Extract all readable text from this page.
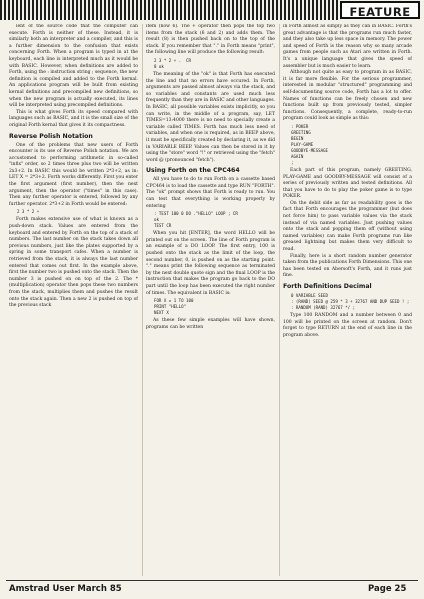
FEATURE

lent of the source code that the computer can execute. Forth is neither of these. Instead, it is similarly both an interpreter and a compiler, and this is a further dimension to the confusion that exists concerning Forth. When a program is typed in at the keyboard, each line is interpreted much as it would be with BASIC. However, when definitions are added to Forth, using the : instruction string ; sequence, the new definition is compiled and added to the Forth kernal. An applications program will be built from existing kernal definitions and precompiled new definitions, so when the new program is actually executed, its lines will be interpreted using precompiled definitions.

This is what gives Forth its speed compared with languages such as BASIC, and it is the small size of the original Forth kernal that gives it its compactness.

Reverse Polish Notation

One of the problems that new users of Forth encounter is its use of Reverse Polish notation. We are accustomed to performing arithmetic in so-called "infix" order, so 2 times three plus two will be written 2x3+2. In BASIC this would be written 2*3+2, as in: LET X = 2*3+2. Forth works differently. First you enter the first argument (first number), then the next argument, then the operator ("times" in this case). Then any further operator is entered, followed by any further operator. 2*3+2 in Forth would be entered:

2 3 * 2 +

Forth makes extensive use of what is known as a push-down stack. Values are entered from the keyboard and entered by Forth on the top of a stack of numbers. The last number on the stack takes down all previous numbers, just like the plates supported by a spring in some transport cafes. When a number is retrieved from the stack, it is always the last number entered that comes out first. In the example above, first the number two is pushed onto the stack. Then the number 3 is pushed on on top of the 2. The * (multiplication) operator then pops these two numbers from the stack, multiplies them and pushes the result onto the stack again. Then a new 2 is pushed on top of the previous stack

item (now 6). The + operator then pops the top two items from the stack (6 and 2) and adds them. The result (8) is then pushed back on to the top of the stack. If you remember that "." in Forth means "print", the following line will produce the following result:

2 3 * 2 + .  CR
8 ok

The meaning of the "ok" is that Forth has executed the line and that no errors have occured. In Forth, arguments are passed almost always via the stack, and so variables and constants are used much less frequently than they are in BASIC and other languages. In BASIC, all possible variables exists implicitly, so you can write, in the middle of a program, say, LET TIMES=13:4000 there is no need to specially create a variable called TIMES. Forth has much less need of variables, and when one is required, as in BEEP above, it must be specifically created by declaring it, as we did in VARIABLE BEEP. Values can then be stored in it by using the "store" word "!" or retrieved using the "fetch" word @ (pronounced "fetch").

Using Forth on the CPC464

All you have to do to run Forth on a cassette based CPC464 is to load the cassette and type RUN "FORTH". The "ok" prompt shows that Forth is ready to run. You can test that everything is working properly by entering

: TEST 100 0 DO ."HELLO" LOOP ; CR
ok
TEST CR

When you hit [ENTER], the word HELLO will be printed out on the screen. The line of Forth program is an example of a DO LOOP. The first entry, 100 is pushed onto the stack as the limit of the loop, the second number, 0, is pushed on as the starting point. "." means print the following sequence as terminated by the next double quote sign and the final LOOP is the instruction that makes the program go back to the DO part until the loop has been executed the right number of times. The equivalent in BASIC is:

FOR X = 1 TO 100
PRINT "HELLO"
NEXT X

As these few simple examples will have shown, programs can be written

in Forth almost as simply as they can in BASIC. Forth's great advantage is that the programs run much faster, and they also take up less space in memory. The power and speed of Forth is the reason why so many arcade games from people such as Atari are written in Forth. It's a unique language that gives the speed of assembler but is much easier to learn.

Although not quite as easy to program in as BASIC, it is far more flexible. For the serious programmer, interested in modular "structured" programming and self-documenting source code, Forth has a lot to offer. Names of functions can be freely chosen and new functions built up from previously tested, simpler functions. Consequently, a complete, ready-to-run program could look as simple as this:

: POKER
GREETING
BEGIN
PLAY-GAME
GOODBYE-MESSAGE
AGAIN
;

Each part of this program, namely GREETING, PLAY-GAME and GOODBY-MESSAGE will consist of a series of previously written and tested definitions. All that you have to do to play the poker game is to type POKER.

On the debit side as far as readability goes is the fact that Forth encourages the programmer (but does not force him) to pass variable values via the stack instead of via named variables. Just pushing values onto the stack and popping them off (without using named variables) can make Forth programs run like greased lightning but makes them very difficult to read.

Finally, here is a short random number generator taken from the publications Forth Dimensions. This one has been tested on Abersoft's Forth, and it runs just fine.

Forth Definitions Decimal
0 VARIABLE SEED
: (RAND) SEED @ 259 * 3 + 32767 AND DUP SEED ! ;
: RANDOM (RAND) 32767 */ ;

Type 100 RANDOM and a number between 0 and 100 will be printed on the screen at random. Don't forget to type RETURN at the end of each line in the program above.

Amstrad User March 85	Page 25
